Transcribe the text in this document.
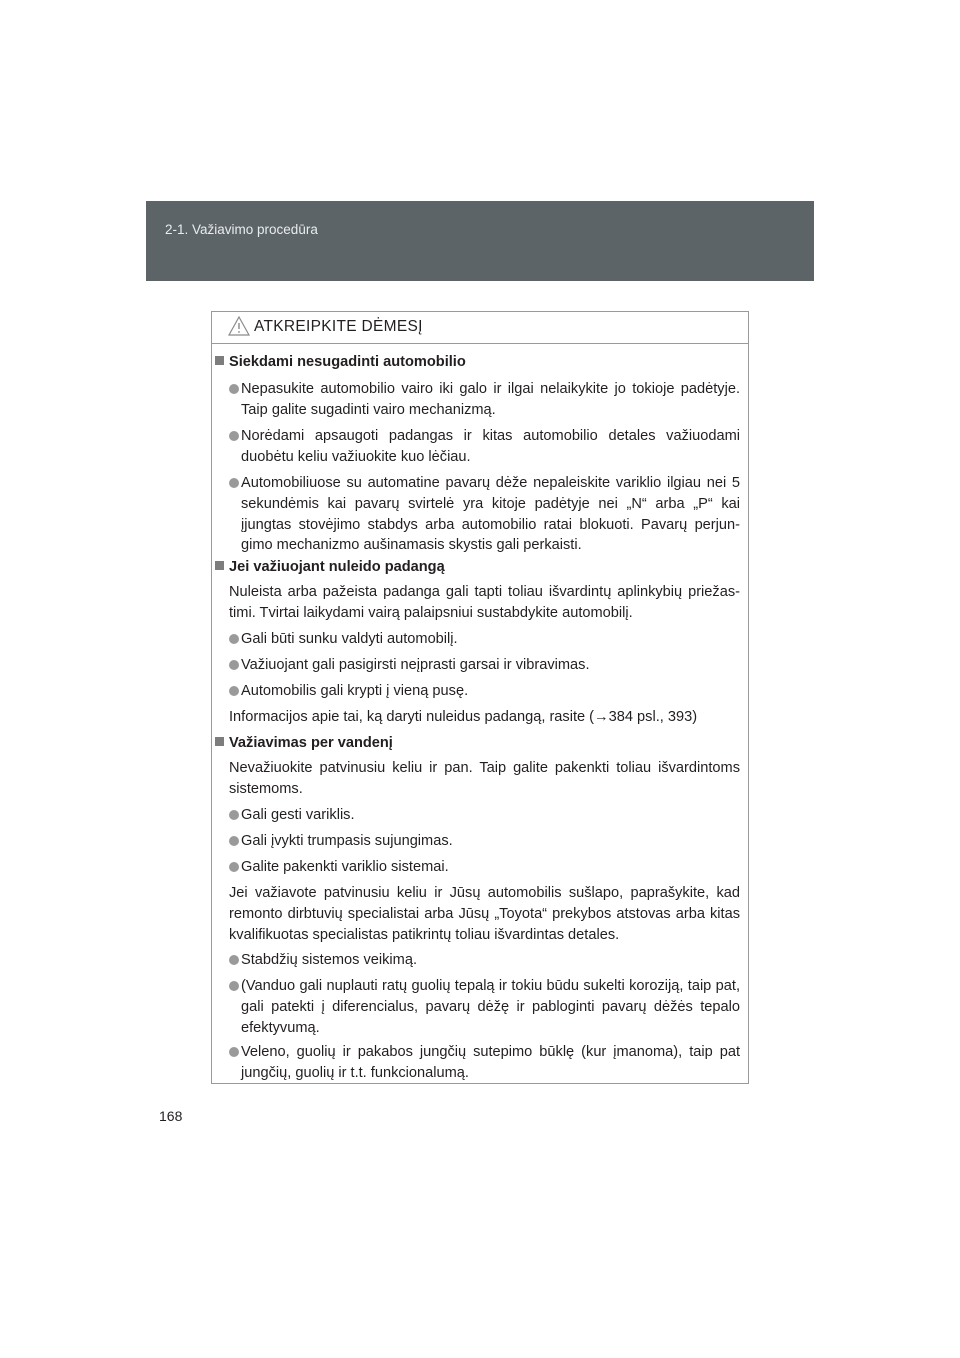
2-1. Važiavimo procedūra
ATKREIPKITE DĖMESĮ
Siekdami nesugadinti automobilio
Nepasukite automobilio vairo iki galo ir ilgai nelaikykite jo tokioje padėtyje. Taip galite sugadinti vairo mechanizmą.
Norėdami apsaugoti padangas ir kitas automobilio detales važiuodami duobėtu keliu važiuokite kuo lėčiau.
Automobiliuose su automatine pavarų dėže nepaleiskite variklio ilgiau nei 5 sekundėmis kai pavarų svirtelė yra kitoje padėtyje nei „N“ arba „P“ kai įjungtas stovėjimo stabdys arba automobilio ratai blokuoti. Pavarų perjun-gimo mechanizmo aušinamasis skystis gali perkaisti.
Jei važiuojant nuleido padangą
Nuleista arba pažeista padanga gali tapti toliau išvardintų aplinkybių priežas-timi. Tvirtai laikydami vairą palaipsniui sustabdykite automobilį.
Gali būti sunku valdyti automobilį.
Važiuojant gali pasigirsti neįprasti garsai ir vibravimas.
Automobilis gali krypti į vieną pusę.
Informacijos apie tai, ką daryti nuleidus padangą, rasite (→384 psl., 393)
Važiavimas per vandenį
Nevažiuokite patvinusiu keliu ir pan. Taip galite pakenkti toliau išvardintoms sistemoms.
Gali gesti variklis.
Gali įvykti trumpasis sujungimas.
Galite pakenkti variklio sistemai.
Jei važiavote patvinusiu keliu ir Jūsų automobilis sušlapo, paprašykite, kad remonto dirbtuvių specialistai arba Jūsų „Toyota“ prekybos atstovas arba kitas kvalifikuotas specialistas patikrintų toliau išvardintas detales.
Stabdžių sistemos veikimą.
(Vanduo gali nuplauti ratų guolių tepalą ir tokiu būdu sukelti koroziją, taip pat, gali patekti į diferencialus, pavarų dėžę ir pabloginti pavarų dėžės tepalo efektyvumą.
Veleno, guolių ir pakabos jungčių sutepimo būklę (kur įmanoma), taip pat jungčių, guolių ir t.t. funkcionalumą.
168
